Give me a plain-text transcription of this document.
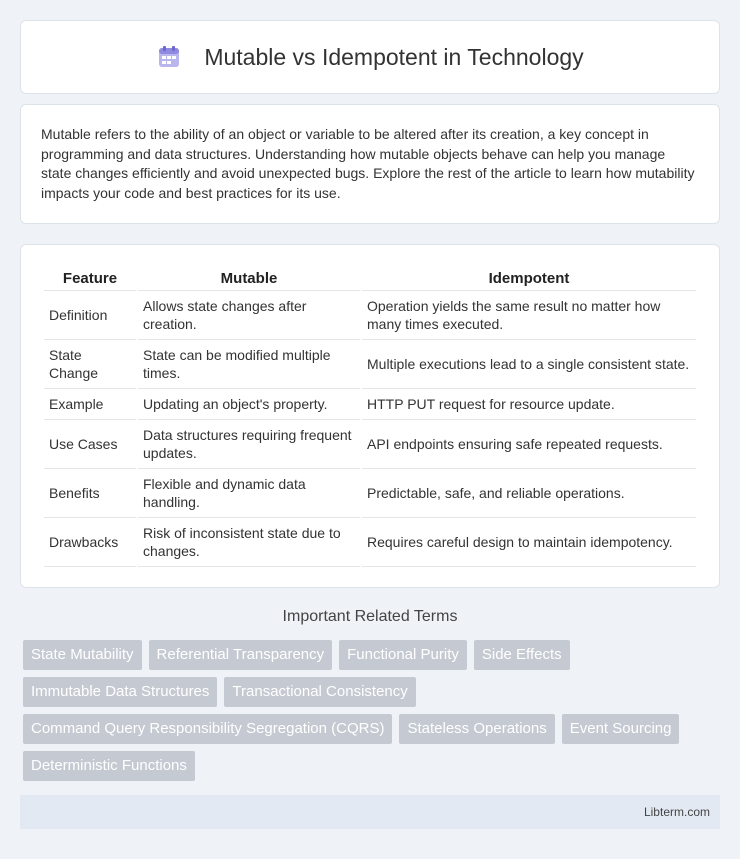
Mutable vs Idempotent in Technology

Mutable refers to the ability of an object or variable to be altered after its creation, a key concept in programming and data structures. Understanding how mutable objects behave can help you manage state changes efficiently and avoid unexpected bugs. Explore the rest of the article to learn how mutability impacts your code and best practices for its use.

Feature	Mutable	Idempotent
Definition	Allows state changes after creation.	Operation yields the same result no matter how many times executed.
State Change	State can be modified multiple times.	Multiple executions lead to a single consistent state.
Example	Updating an object's property.	HTTP PUT request for resource update.
Use Cases	Data structures requiring frequent updates.	API endpoints ensuring safe repeated requests.
Benefits	Flexible and dynamic data handling.	Predictable, safe, and reliable operations.
Drawbacks	Risk of inconsistent state due to changes.	Requires careful design to maintain idempotency.
Important Related Terms
State Mutability	Referential Transparency	Functional Purity	Side Effects
Immutable Data Structures	Transactional Consistency
Command Query Responsibility Segregation (CQRS)	Stateless Operations	Event Sourcing
Deterministic Functions
Libterm.com
